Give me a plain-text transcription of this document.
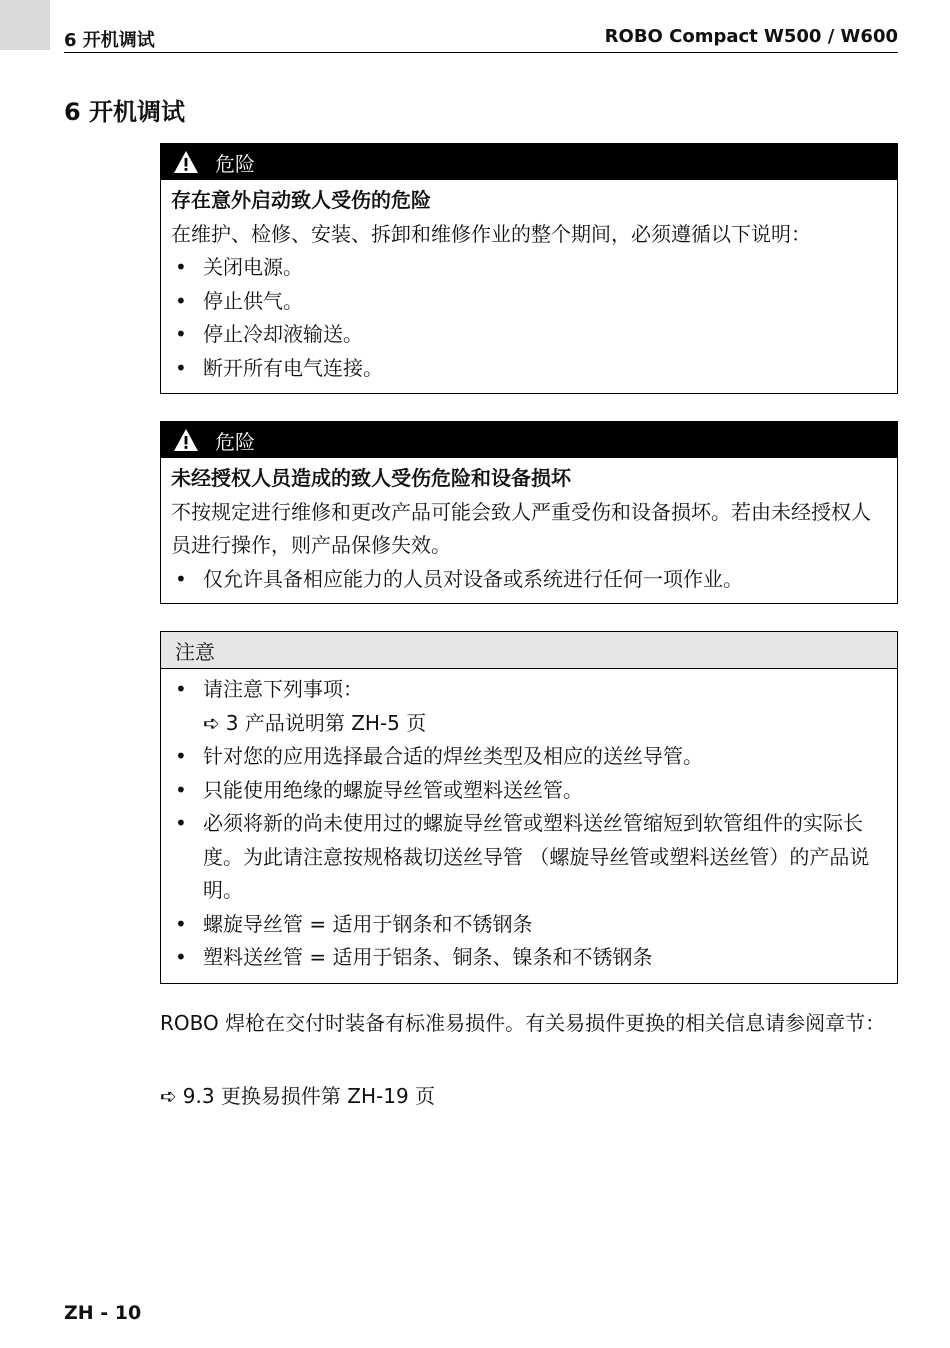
6 开机调试	ROBO Compact W500 / W600
6 开机调试
危险
存在意外启动致人受伤的危险
在维护、检修、安装、拆卸和维修作业的整个期间，必须遵循以下说明：
• 关闭电源。
• 停止供气。
• 停止冷却液输送。
• 断开所有电气连接。
危险
未经授权人员造成的致人受伤危险和设备损坏
不按规定进行维修和更改产品可能会致人严重受伤和设备损坏。若由未经授权人员进行操作，则产品保修失效。
• 仅允许具备相应能力的人员对设备或系统进行任何一项作业。
注意
• 请注意下列事项：
➪ 3 产品说明第 ZH-5 页
• 针对您的应用选择最合适的焊丝类型及相应的送丝导管。
• 只能使用绝缘的螺旋导丝管或塑料送丝管。
• 必须将新的尚未使用过的螺旋导丝管或塑料送丝管缩短到软管组件的实际长度。为此请注意按规格裁切送丝导管 （螺旋导丝管或塑料送丝管）的产品说明。
• 螺旋导丝管 = 适用于钢条和不锈钢条
• 塑料送丝管 = 适用于铝条、铜条、镍条和不锈钢条
ROBO 焊枪在交付时装备有标准易损件。有关易损件更换的相关信息请参阅章节：
➪ 9.3 更换易损件第 ZH-19 页
ZH - 10
